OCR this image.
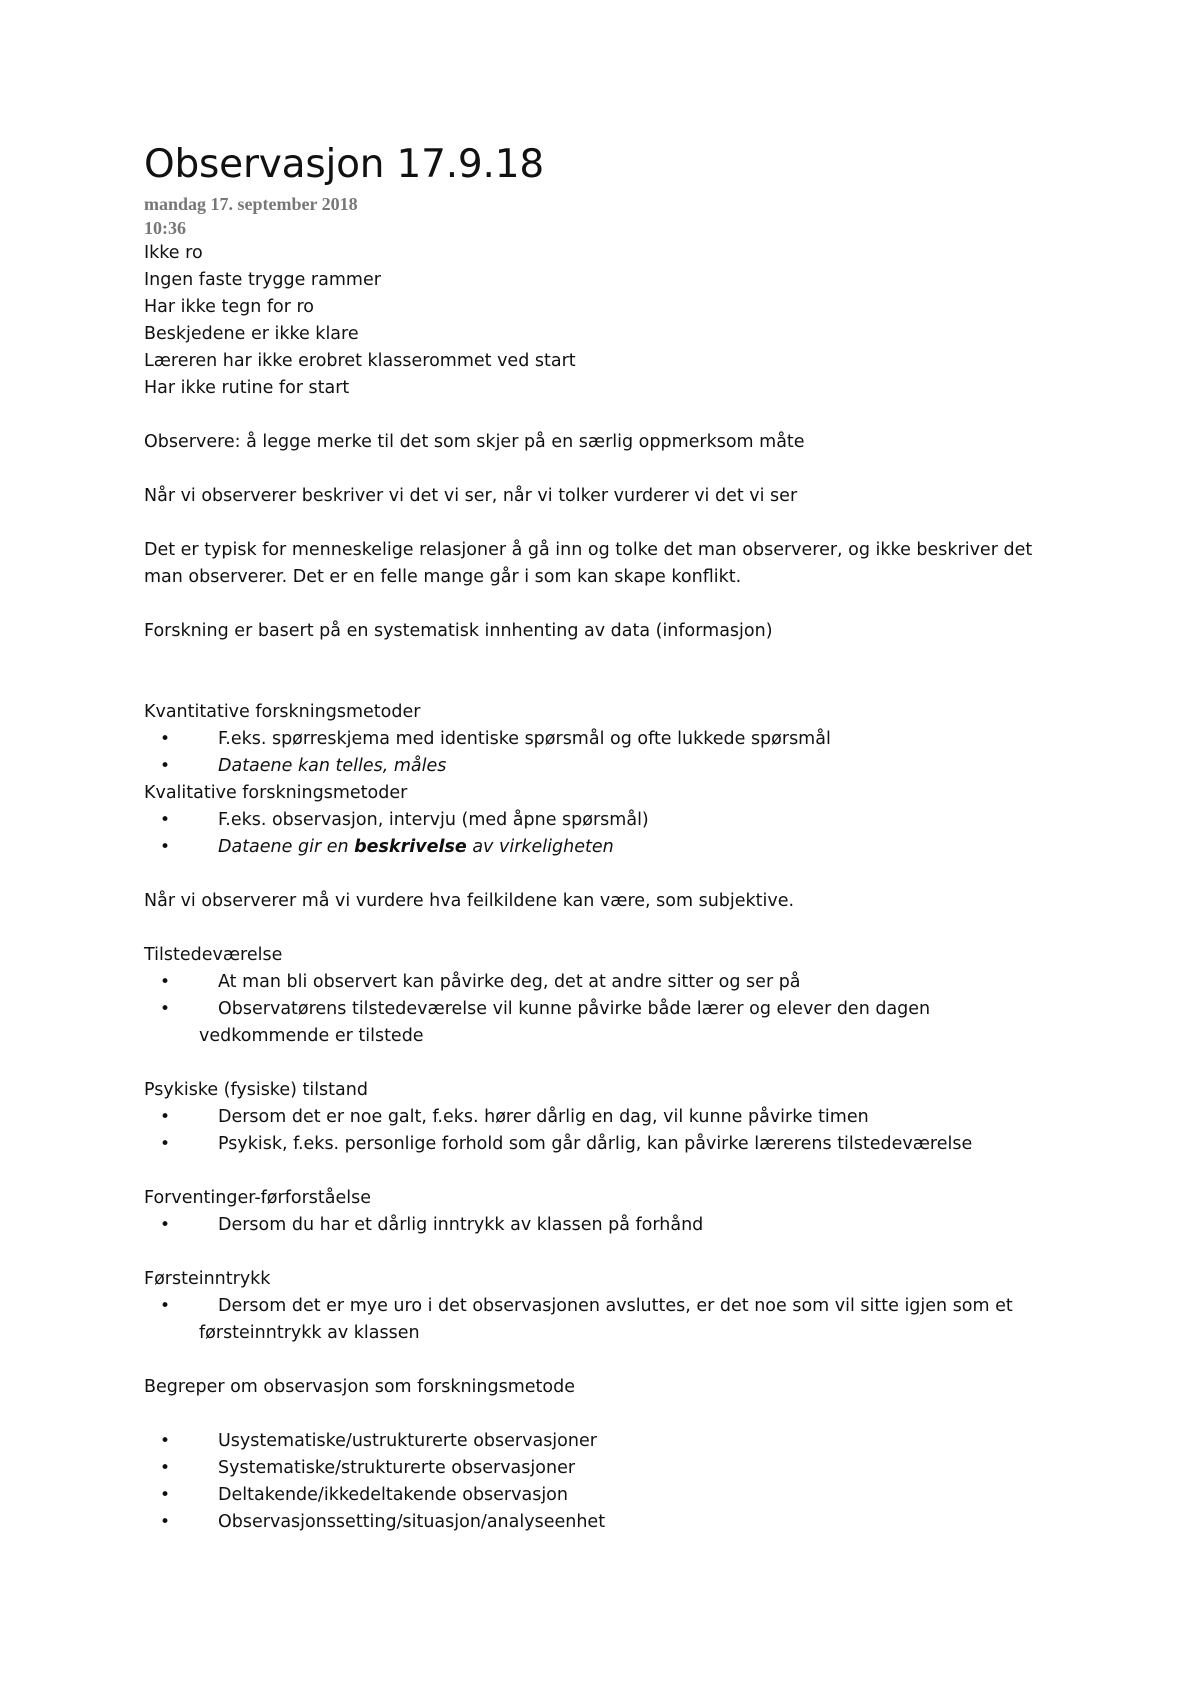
Observasjon 17.9.18
mandag 17. september 2018
10:36
Ikke ro
Ingen faste trygge rammer
Har ikke tegn for ro
Beskjedene er ikke klare
Læreren har ikke erobret klasserommet ved start
Har ikke rutine for start
Observere: å legge merke til det som skjer på en særlig oppmerksom måte
Når vi observerer beskriver vi det vi ser, når vi tolker vurderer vi det vi ser
Det er typisk for menneskelige relasjoner å gå inn og tolke det man observerer, og ikke beskriver det
man observerer. Det er en felle mange går i som kan skape konflikt.
Forskning er basert på en systematisk innhenting av data (informasjon)
Kvantitative forskningsmetoder
•	F.eks. spørreskjema med identiske spørsmål og ofte lukkede spørsmål
•	Dataene kan telles, måles
Kvalitative forskningsmetoder
•	F.eks. observasjon, intervju (med åpne spørsmål)
•	Dataene gir en beskrivelse av virkeligheten
Når vi observerer må vi vurdere hva feilkildene kan være, som subjektive.
Tilstedeværelse
•	At man bli observert kan påvirke deg, det at andre sitter og ser på
•	Observatørens tilstedeværelse vil kunne påvirke både lærer og elever den dagen
vedkommende er tilstede
Psykiske (fysiske) tilstand
•	Dersom det er noe galt, f.eks. hører dårlig en dag, vil kunne påvirke timen
•	Psykisk, f.eks. personlige forhold som går dårlig, kan påvirke lærerens tilstedeværelse
Forventinger-førforståelse
•	Dersom du har et dårlig inntrykk av klassen på forhånd
Førsteinntrykk
•	Dersom det er mye uro i det observasjonen avsluttes, er det noe som vil sitte igjen som et
førsteinntrykk av klassen
Begreper om observasjon som forskningsmetode
•	Usystematiske/ustrukturerte observasjoner
•	Systematiske/strukturerte observasjoner
•	Deltakende/ikkedeltakende observasjon
•	Observasjonssetting/situasjon/analyseenhet
